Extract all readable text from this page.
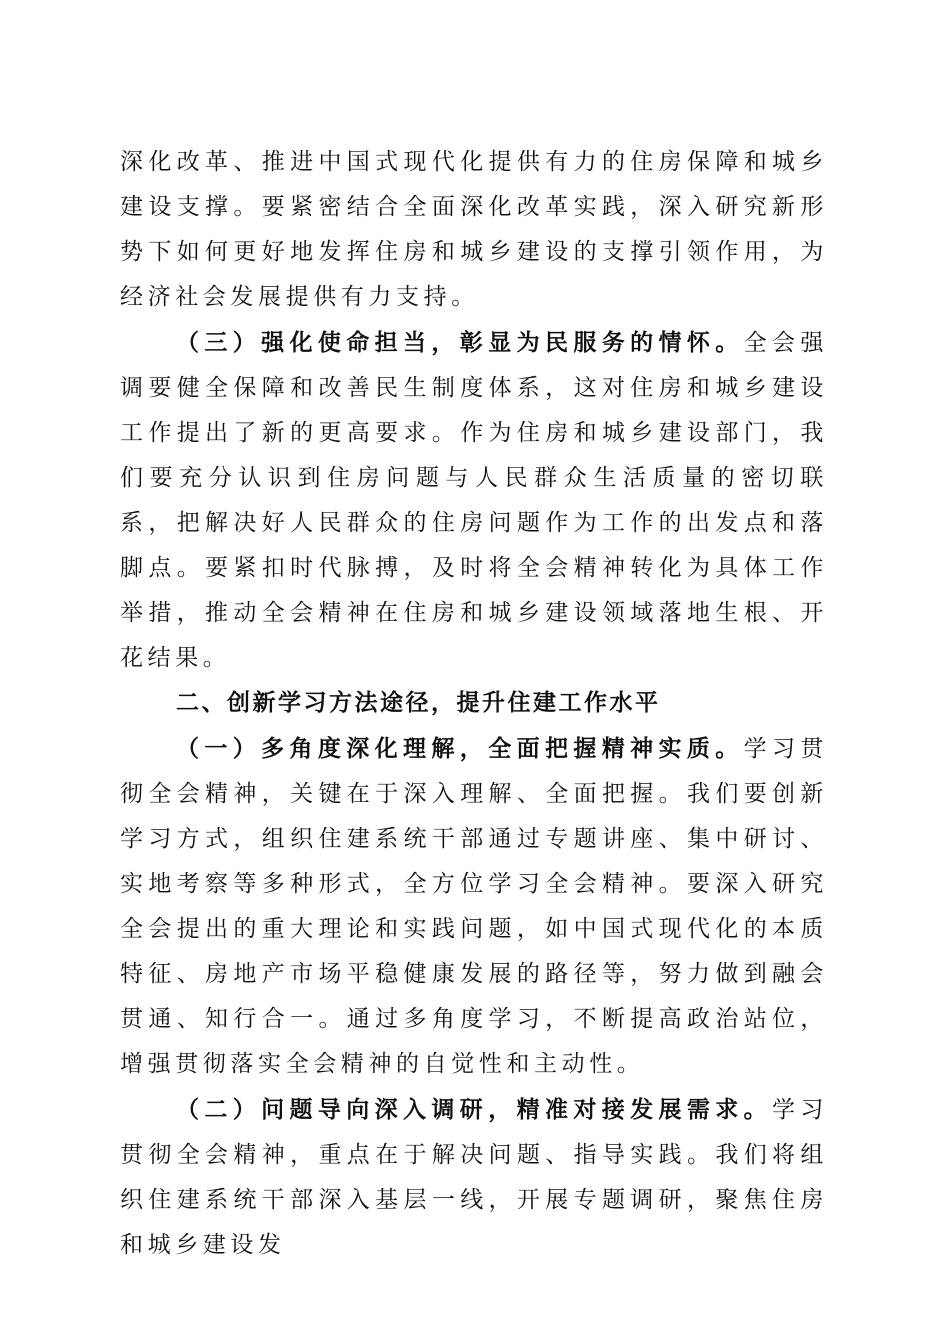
深化改革、推进中国式现代化提供有力的住房保障和城乡建设支撑。要紧密结合全面深化改革实践，深入研究新形势下如何更好地发挥住房和城乡建设的支撑引领作用，为经济社会发展提供有力支持。

（三）强化使命担当，彰显为民服务的情怀。全会强调要健全保障和改善民生制度体系，这对住房和城乡建设工作提出了新的更高要求。作为住房和城乡建设部门，我们要充分认识到住房问题与人民群众生活质量的密切联系，把解决好人民群众的住房问题作为工作的出发点和落脚点。要紧扣时代脉搏，及时将全会精神转化为具体工作举措，推动全会精神在住房和城乡建设领域落地生根、开花结果。

二、创新学习方法途径，提升住建工作水平

（一）多角度深化理解，全面把握精神实质。学习贯彻全会精神，关键在于深入理解、全面把握。我们要创新学习方式，组织住建系统干部通过专题讲座、集中研讨、实地考察等多种形式，全方位学习全会精神。要深入研究全会提出的重大理论和实践问题，如中国式现代化的本质特征、房地产市场平稳健康发展的路径等，努力做到融会贯通、知行合一。通过多角度学习，不断提高政治站位，增强贯彻落实全会精神的自觉性和主动性。

（二）问题导向深入调研，精准对接发展需求。学习贯彻全会精神，重点在于解决问题、指导实践。我们将组织住建系统干部深入基层一线，开展专题调研，聚焦住房和城乡建设发
